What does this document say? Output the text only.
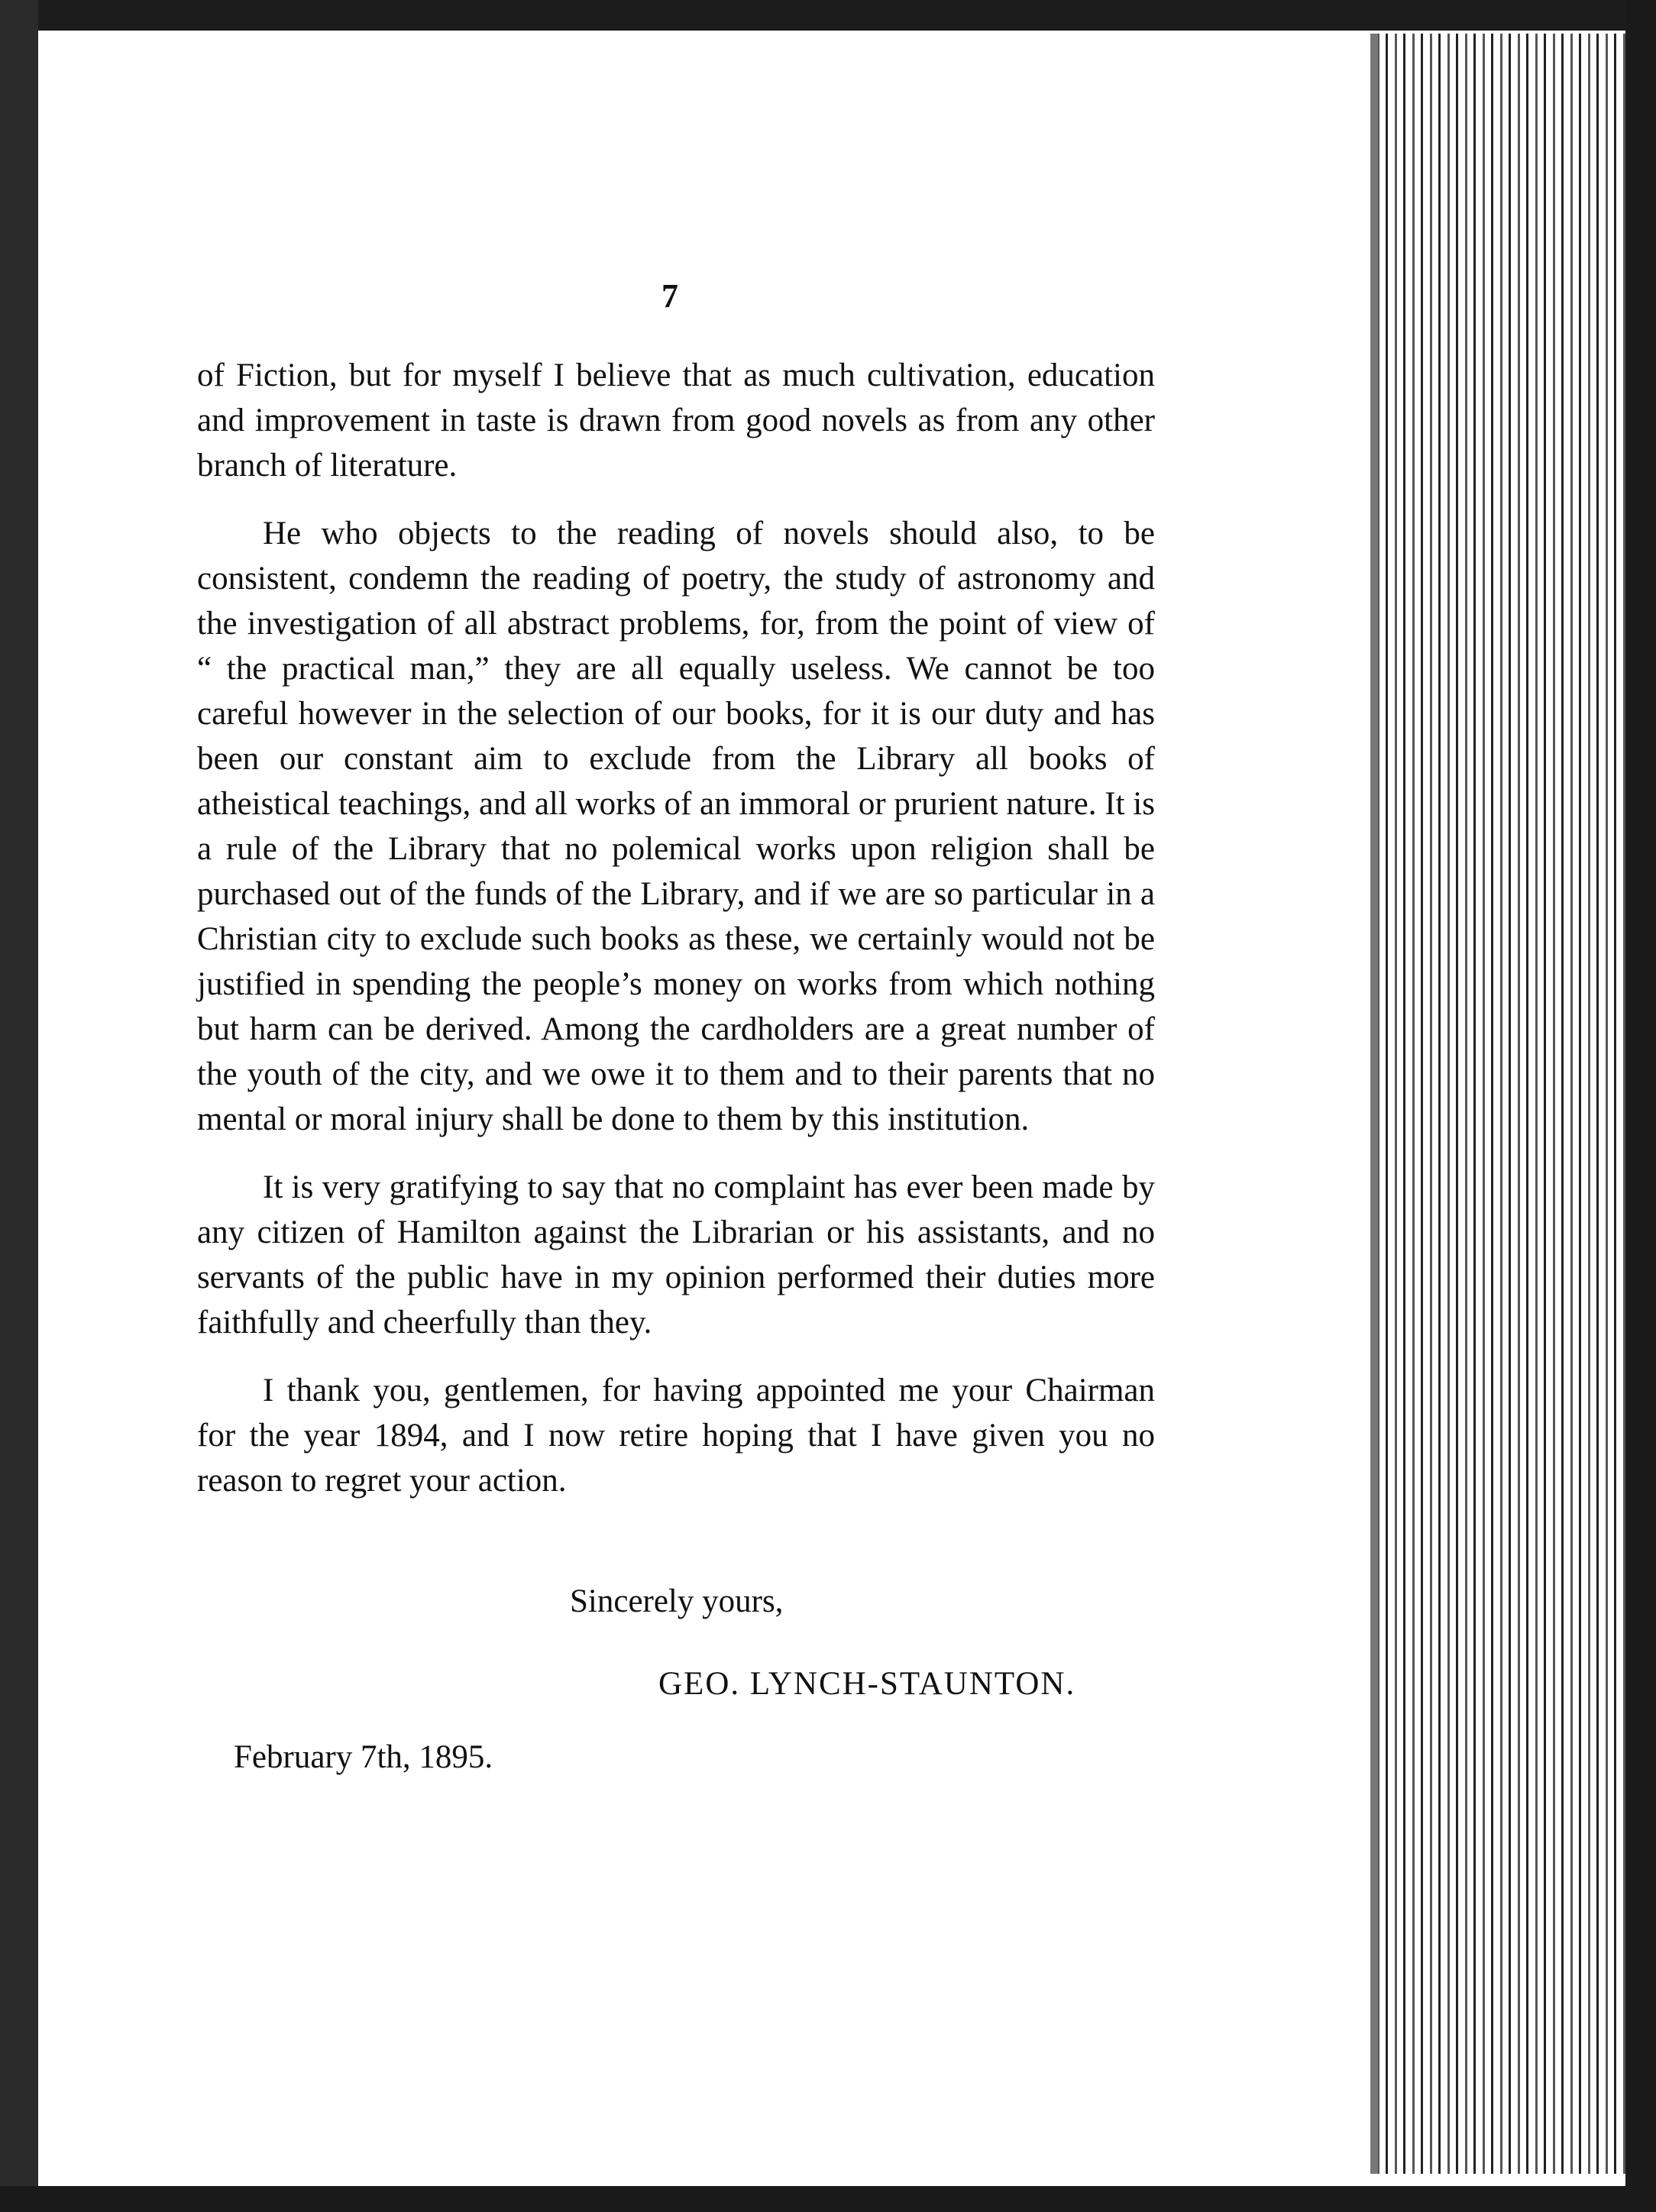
7

of Fiction, but for myself I believe that as much cultivation, education and improvement in taste is drawn from good novels as from any other branch of literature.

He who objects to the reading of novels should also, to be consistent, condemn the reading of poetry, the study of astronomy and the investigation of all abstract problems, for, from the point of view of “ the practical man,” they are all equally useless. We cannot be too careful however in the selection of our books, for it is our duty and has been our constant aim to exclude from the Library all books of atheistical teachings, and all works of an immoral or prurient nature. It is a rule of the Library that no polemical works upon religion shall be purchased out of the funds of the Library, and if we are so particular in a Christian city to exclude such books as these, we certainly would not be justified in spending the people’s money on works from which nothing but harm can be derived. Among the cardholders are a great number of the youth of the city, and we owe it to them and to their parents that no mental or moral injury shall be done to them by this institution.

It is very gratifying to say that no complaint has ever been made by any citizen of Hamilton against the Librarian or his assistants, and no servants of the public have in my opinion performed their duties more faithfully and cheerfully than they.

I thank you, gentlemen, for having appointed me your Chairman for the year 1894, and I now retire hoping that I have given you no reason to regret your action.

Sincerely yours,
GEO. LYNCH-STAUNTON.
February 7th, 1895.
